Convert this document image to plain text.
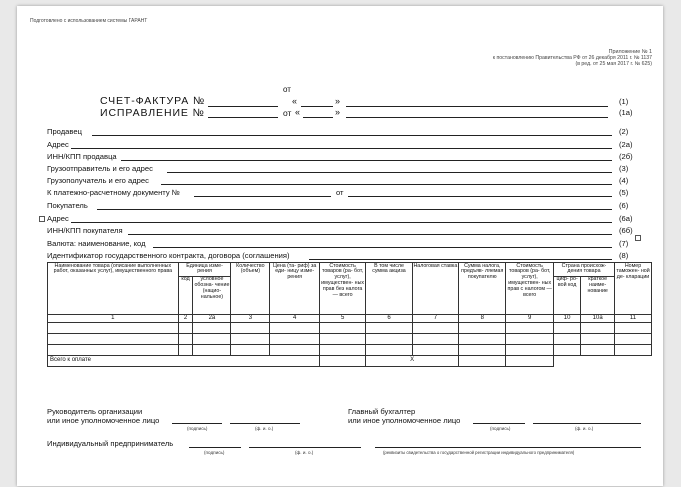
Подготовлено с использованием системы ГАРАНТ
Приложение № 1
к постановлению Правительства РФ от 26 декабря 2011 г. № 1137
(в ред. от 25 мая 2017 г. № 625)
от
СЧЕТ-ФАКТУРА №	«	»	(1)
ИСПРАВЛЕНИЕ №	от «	»	(1а)
Продавец	(2)
Адрес	(2а)
ИНН/КПП продавца	(2б)
Грузоотправитель и его адрес	(3)
Грузополучатель и его адрес	(4)
К платежно-расчетному документу №	от	(5)
Покупатель	(6)
Адрес	(6а)
ИНН/КПП покупателя	(6б)
Валюта: наименование, код	(7)
Идентификатор государственного контракта, договора (соглашения)	(8)
Наименование товара (описание выполненных работ, оказанных услуг), имущественного права	Единица изме- рения		Количество (объем)	Цена (та- риф) за еди- ницу изме- рения	Стоимость товаров (ра- бот, услуг), имуществен- ных прав без налога — всего	В том числе сумма акциза	Налоговая ставка	Сумма налога, предъяв- ляемая покупателю	Стоимость товаров (ра- бот, услуг), имуществен- ных прав с налогом — всего	Страна происхож- дения товара		Номер таможен- ной де- кларации
	код	условное обозна- чение (нацио- нальное)								циф- ро-вой код	краткое наиме- нование	
1	2	2а	3	4	5	6	7	8	9	10	10а	11

Всего к оплате						Х						
Руководитель организации
или иное уполномоченное лицо
(подпись)	(ф. и. о.)
Главный бухгалтер
или иное уполномоченное лицо
(подпись)	(ф. и. о.)
Индивидуальный предприниматель
(подпись)	(ф. и. о.)	(реквизиты свидетельства о государственной регистрации индивидуального предпринимателя)
